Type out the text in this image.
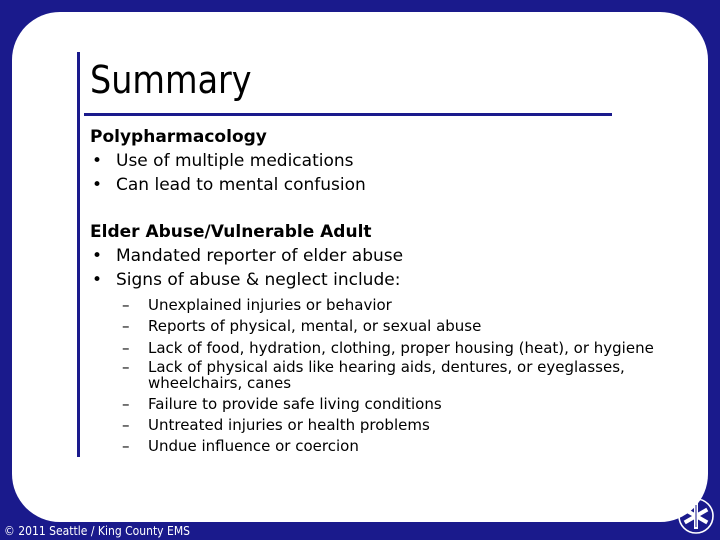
Summary

Polypharmacology

• Use of multiple medications
• Can lead to mental confusion

Elder Abuse/Vulnerable Adult

• Mandated reporter of elder abuse
• Signs of abuse & neglect include:
– Unexplained injuries or behavior
– Reports of physical, mental, or sexual abuse
– Lack of food, hydration, clothing, proper housing (heat), or hygiene
– Lack of physical aids like hearing aids, dentures, or eyeglasses, wheelchairs, canes
– Failure to provide safe living conditions
– Untreated injuries or health problems
– Undue influence or coercion
© 2011 Seattle / King County EMS
